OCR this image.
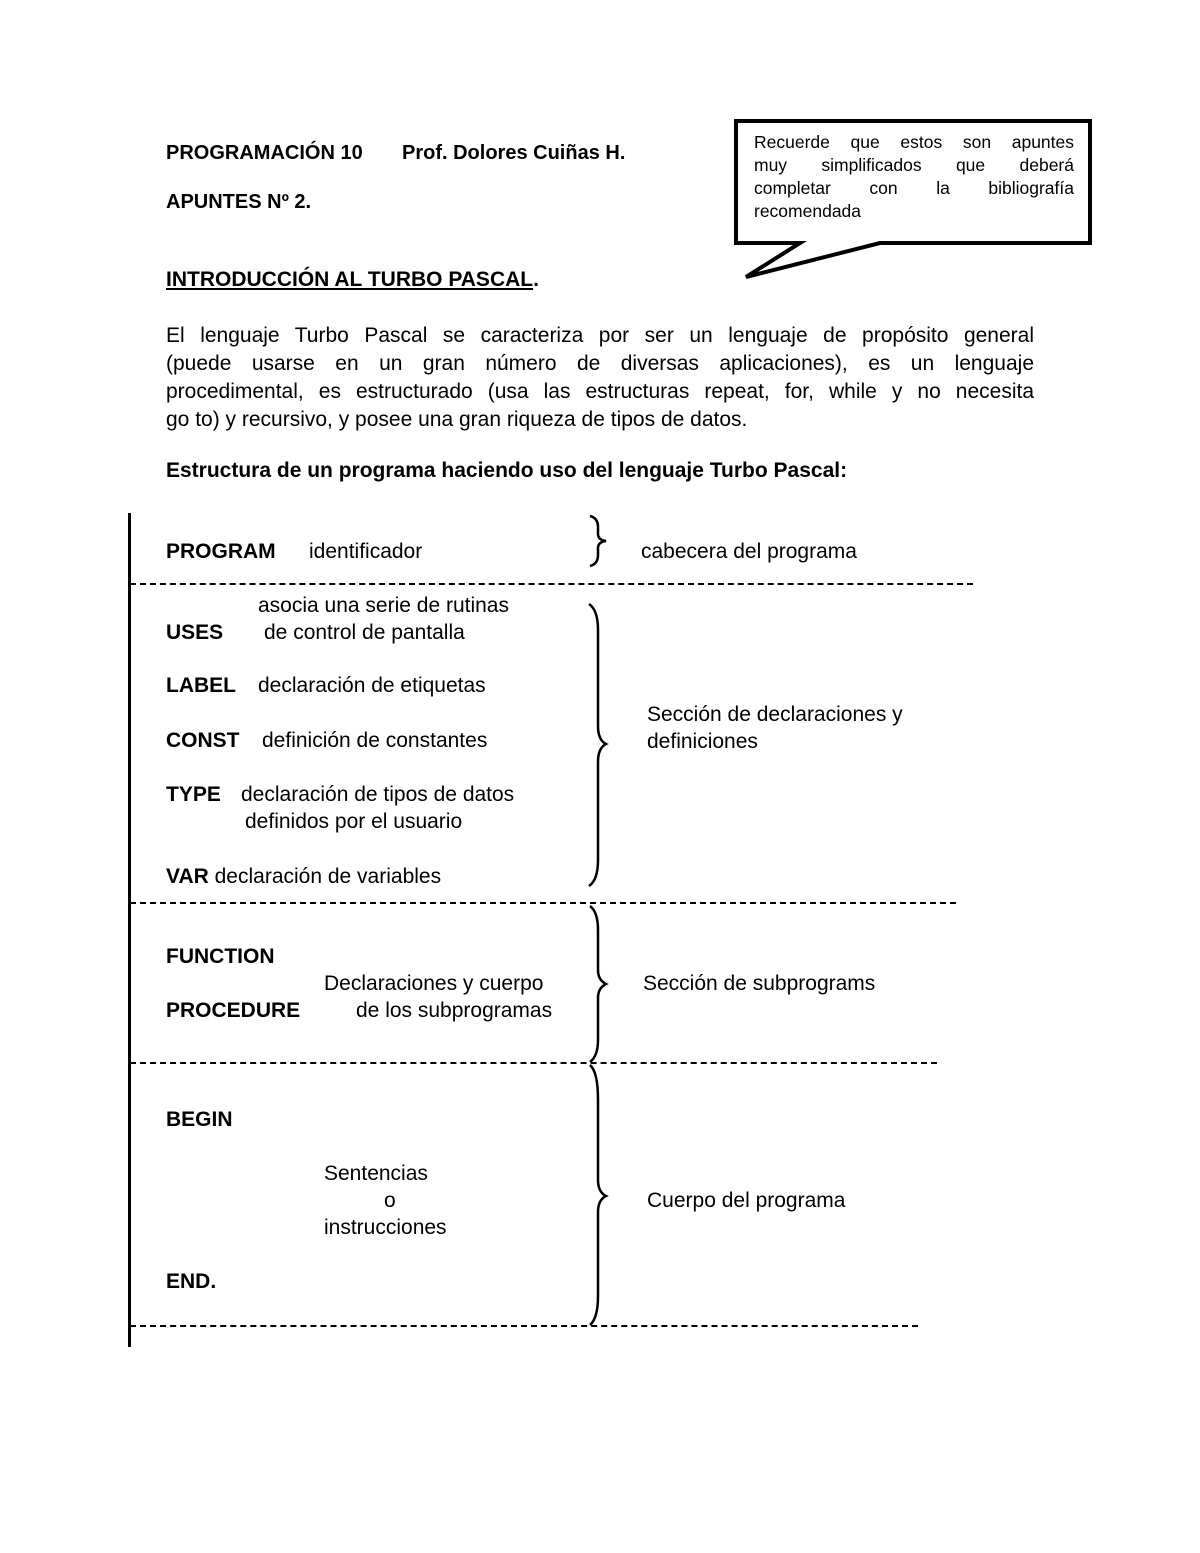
PROGRAMACIÓN 10 Prof. Dolores Cuiñas H.
APUNTES Nº 2.
Recuerde que estos son apuntes
muy simplificados que deberá
completar con la bibliografía
recomendada
INTRODUCCIÓN AL TURBO PASCAL.
El lenguaje Turbo Pascal se caracteriza por ser un lenguaje de propósito general
(puede usarse en un gran número de diversas aplicaciones), es un lenguaje
procedimental, es estructurado (usa las estructuras repeat, for, while y no necesita
go to) y recursivo, y posee una gran riqueza de tipos de datos.
Estructura de un programa haciendo uso del lenguaje Turbo Pascal:
PROGRAM identificador	cabecera del programa
asocia una serie de rutinas
USES de control de pantalla
LABEL declaración de etiquetas
CONST definición de constantes
TYPE declaración de tipos de datos
definidos por el usuario
VAR declaración de variables
Sección de declaraciones y
definiciones
FUNCTION
Declaraciones y cuerpo
PROCEDURE	de los subprogramas
Sección de subprograms
BEGIN
Sentencias
o
instrucciones
END.
Cuerpo del programa
